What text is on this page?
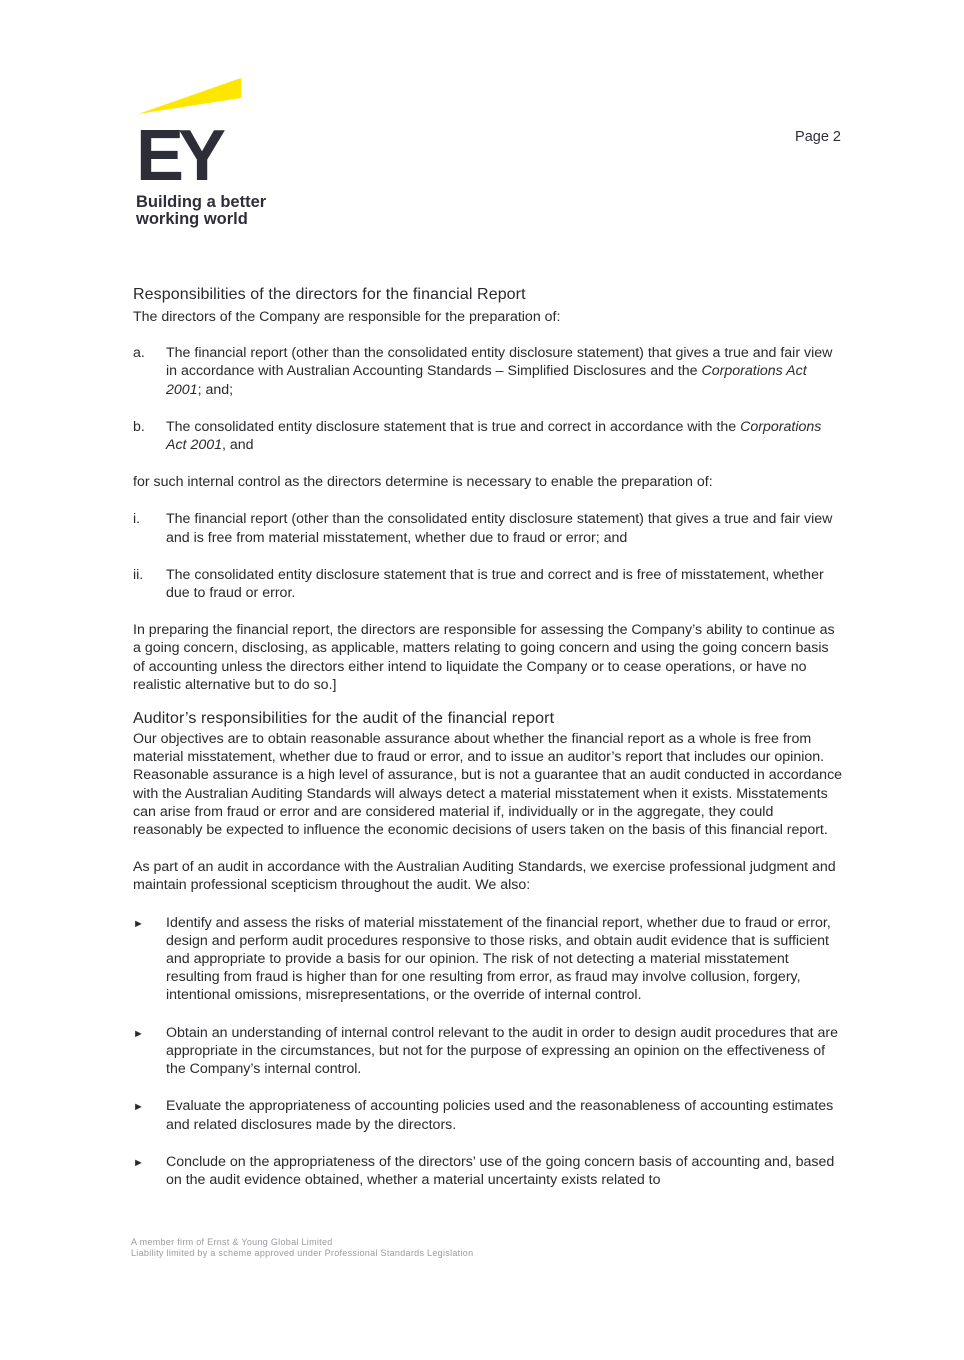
EY
Building a better
working world
Page 2
Responsibilities of the directors for the financial Report

The directors of the Company are responsible for the preparation of:

a.	The financial report (other than the consolidated entity disclosure statement) that gives a true and fair view in accordance with Australian Accounting Standards – Simplified Disclosures and the Corporations Act 2001; and;
b.	The consolidated entity disclosure statement that is true and correct in accordance with the Corporations Act 2001, and

for such internal control as the directors determine is necessary to enable the preparation of:

i.	The financial report (other than the consolidated entity disclosure statement) that gives a true and fair view and is free from material misstatement, whether due to fraud or error; and
ii.	The consolidated entity disclosure statement that is true and correct and is free of misstatement, whether due to fraud or error.

In preparing the financial report, the directors are responsible for assessing the Company’s ability to continue as a going concern, disclosing, as applicable, matters relating to going concern and using the going concern basis of accounting unless the directors either intend to liquidate the Company or to cease operations, or have no realistic alternative but to do so.]

Auditor’s responsibilities for the audit of the financial report

Our objectives are to obtain reasonable assurance about whether the financial report as a whole is free from material misstatement, whether due to fraud or error, and to issue an auditor’s report that includes our opinion. Reasonable assurance is a high level of assurance, but is not a guarantee that an audit conducted in accordance with the Australian Auditing Standards will always detect a material misstatement when it exists. Misstatements can arise from fraud or error and are considered material if, individually or in the aggregate, they could reasonably be expected to influence the economic decisions of users taken on the basis of this financial report.

As part of an audit in accordance with the Australian Auditing Standards, we exercise professional judgment and maintain professional scepticism throughout the audit. We also:

►	Identify and assess the risks of material misstatement of the financial report, whether due to fraud or error, design and perform audit procedures responsive to those risks, and obtain audit evidence that is sufficient and appropriate to provide a basis for our opinion. The risk of not detecting a material misstatement resulting from fraud is higher than for one resulting from error, as fraud may involve collusion, forgery, intentional omissions, misrepresentations, or the override of internal control.
►	Obtain an understanding of internal control relevant to the audit in order to design audit procedures that are appropriate in the circumstances, but not for the purpose of expressing an opinion on the effectiveness of the Company’s internal control.
►	Evaluate the appropriateness of accounting policies used and the reasonableness of accounting estimates and related disclosures made by the directors.
►	Conclude on the appropriateness of the directors’ use of the going concern basis of accounting and, based on the audit evidence obtained, whether a material uncertainty exists related to
A member firm of Ernst & Young Global Limited
Liability limited by a scheme approved under Professional Standards Legislation
